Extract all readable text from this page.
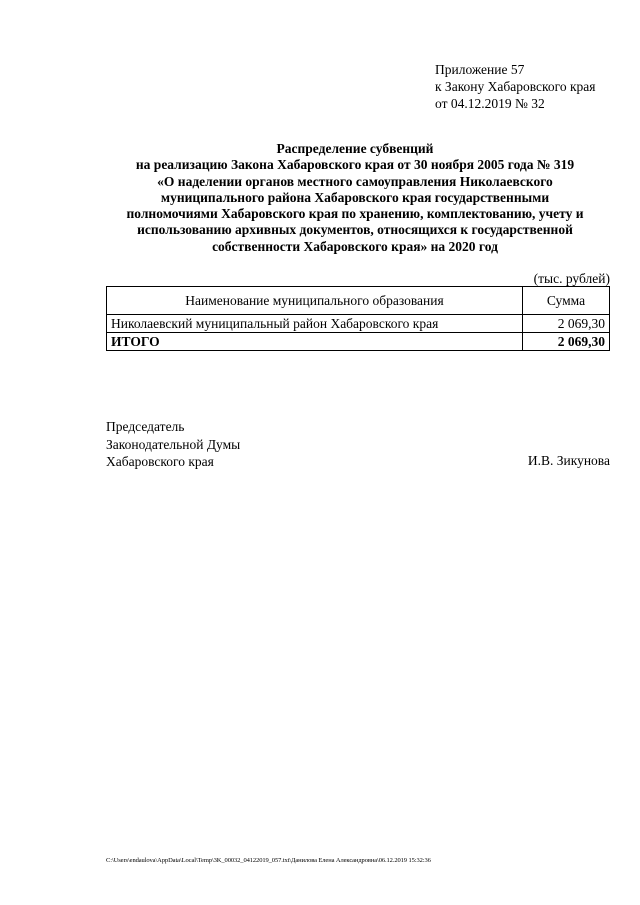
Приложение 57
к Закону Хабаровского края
от 04.12.2019 № 32
Распределение субвенций
на реализацию Закона Хабаровского края от 30 ноября 2005 года № 319
«О наделении органов местного самоуправления Николаевского
муниципального района Хабаровского края государственными
полномочиями Хабаровского края по хранению, комплектованию, учету и
использованию архивных документов, относящихся к государственной
собственности Хабаровского края» на 2020 год
(тыс. рублей)
Наименование муниципального образования	Сумма
Николаевский муниципальный район Хабаровского края	2 069,30
ИТОГО	2 069,30
Председатель
Законодательной Думы
Хабаровского края	И.В. Зикунова
C:\Users\endaulova\AppData\Local\Temp\3K_00032_04122019_057.txt\Данилова Елена Александровна\06.12.2019 15:32:36
